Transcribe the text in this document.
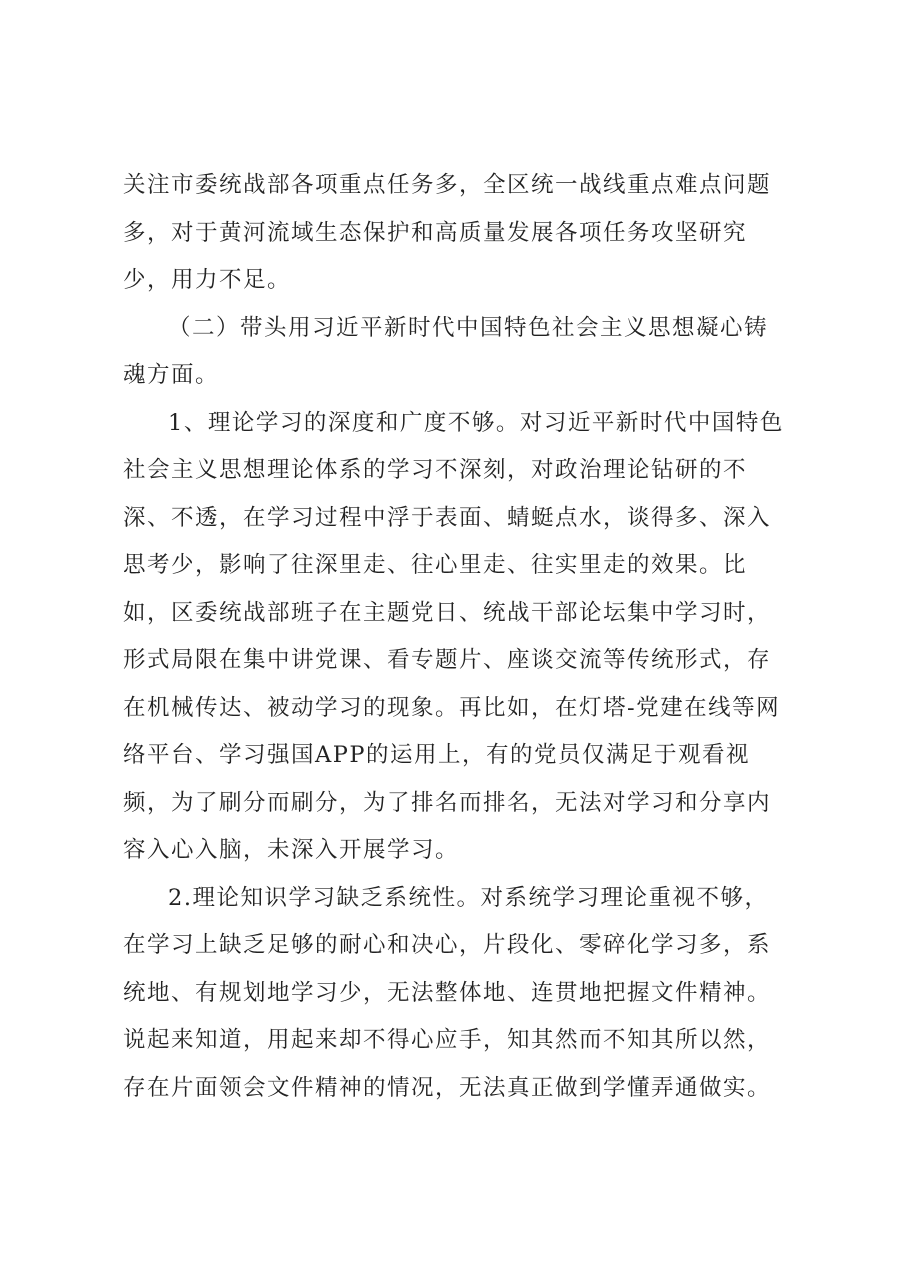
关注市委统战部各项重点任务多，全区统一战线重点难点问题
多，对于黄河流域生态保护和高质量发展各项任务攻坚研究
少，用力不足。

（二）带头用习近平新时代中国特色社会主义思想凝心铸
魂方面。

1、理论学习的深度和广度不够。对习近平新时代中国特色
社会主义思想理论体系的学习不深刻，对政治理论钻研的不
深、不透，在学习过程中浮于表面、蜻蜓点水，谈得多、深入
思考少，影响了往深里走、往心里走、往实里走的效果。比
如，区委统战部班子在主题党日、统战干部论坛集中学习时，
形式局限在集中讲党课、看专题片、座谈交流等传统形式，存
在机械传达、被动学习的现象。再比如，在灯塔-党建在线等网
络平台、学习强国APP的运用上，有的党员仅满足于观看视
频，为了刷分而刷分，为了排名而排名，无法对学习和分享内
容入心入脑，未深入开展学习。

2.理论知识学习缺乏系统性。对系统学习理论重视不够，
在学习上缺乏足够的耐心和决心，片段化、零碎化学习多，系
统地、有规划地学习少，无法整体地、连贯地把握文件精神。
说起来知道，用起来却不得心应手，知其然而不知其所以然，
存在片面领会文件精神的情况，无法真正做到学懂弄通做实。
